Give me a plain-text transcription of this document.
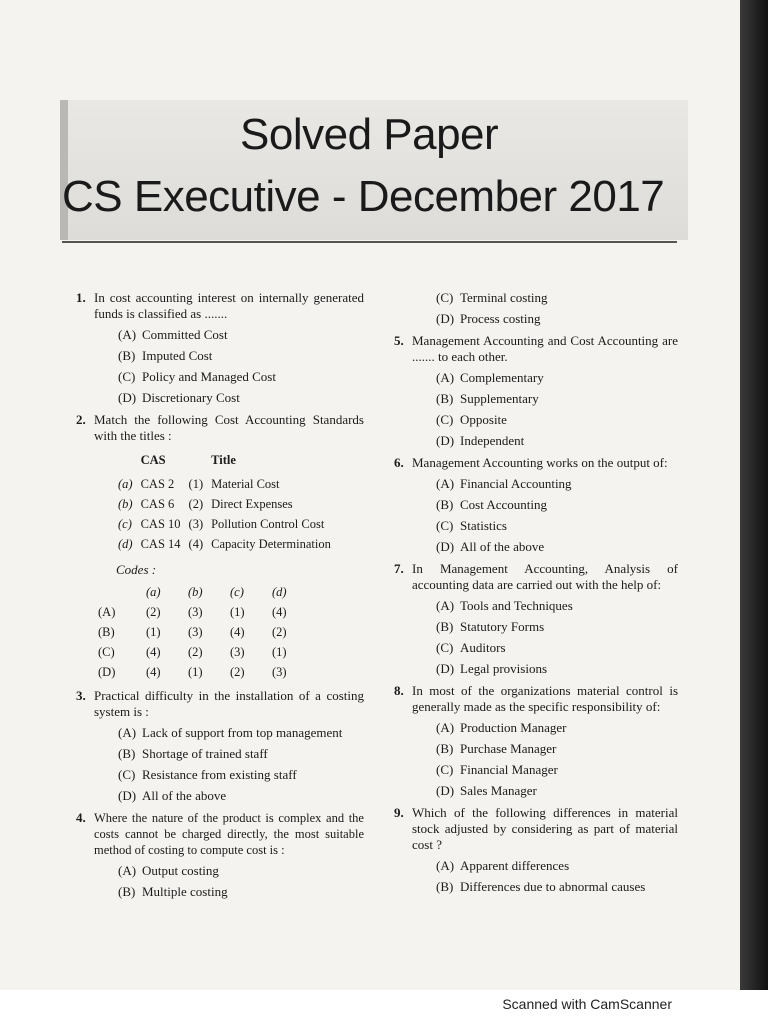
Solved Paper
CS Executive - December 2017
1. In cost accounting interest on internally generated funds is classified as .......
(A) Committed Cost
(B) Imputed Cost
(C) Policy and Managed Cost
(D) Discretionary Cost
2. Match the following Cost Accounting Standards with the titles :
	CAS		Title
(a)	CAS 2	(1)	Material Cost
(b)	CAS 6	(2)	Direct Expenses
(c)	CAS 10	(3)	Pollution Control Cost
(d)	CAS 14	(4)	Capacity Determination
Codes :
	(a)	(b)	(c)	(d)
(A)	(2)	(3)	(1)	(4)
(B)	(1)	(3)	(4)	(2)
(C)	(4)	(2)	(3)	(1)
(D)	(4)	(1)	(2)	(3)
3. Practical difficulty in the installation of a costing system is :
(A) Lack of support from top management
(B) Shortage of trained staff
(C) Resistance from existing staff
(D) All of the above
4. Where the nature of the product is complex and the costs cannot be charged directly, the most suitable method of costing to compute cost is :
(A) Output costing
(B) Multiple costing
(C) Terminal costing
(D) Process costing
5. Management Accounting and Cost Accounting are ....... to each other.
(A) Complementary
(B) Supplementary
(C) Opposite
(D) Independent
6. Management Accounting works on the output of:
(A) Financial Accounting
(B) Cost Accounting
(C) Statistics
(D) All of the above
7. In Management Accounting, Analysis of accounting data are carried out with the help of:
(A) Tools and Techniques
(B) Statutory Forms
(C) Auditors
(D) Legal provisions
8. In most of the organizations material control is generally made as the specific responsibility of:
(A) Production Manager
(B) Purchase Manager
(C) Financial Manager
(D) Sales Manager
9. Which of the following differences in material stock adjusted by considering as part of material cost ?
(A) Apparent differences
(B) Differences due to abnormal causes
Scanned with CamScanner
